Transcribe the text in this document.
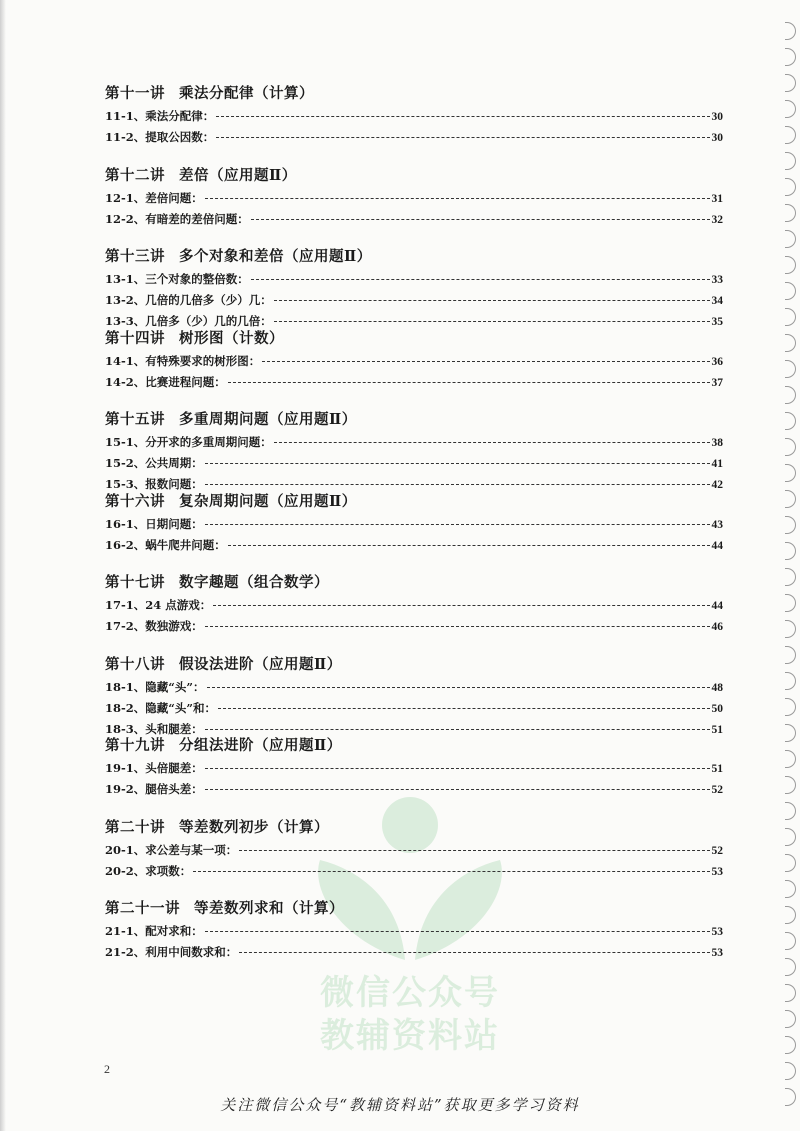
微信公众号
教辅资料站
第十一讲 乘法分配律（计算）
11-1、乘法分配律：	30
11-2、提取公因数：	30
第十二讲 差倍（应用题Ⅱ）
12-1、差倍问题：	31
12-2、有暗差的差倍问题：	32
第十三讲 多个对象和差倍（应用题Ⅱ）
13-1、三个对象的整倍数：	33
13-2、几倍的几倍多（少）几：	34
13-3、几倍多（少）几的几倍：	35
第十四讲 树形图（计数）
14-1、有特殊要求的树形图：	36
14-2、比赛进程问题：	37
第十五讲 多重周期问题（应用题Ⅱ）
15-1、分开求的多重周期问题：	38
15-2、公共周期：	41
15-3、报数问题：	42
第十六讲 复杂周期问题（应用题Ⅱ）
16-1、日期问题：	43
16-2、蜗牛爬井问题：	44
第十七讲 数字趣题（组合数学）
17-1、24 点游戏：	44
17-2、数独游戏：	46
第十八讲 假设法进阶（应用题Ⅱ）
18-1、隐藏“头”：	48
18-2、隐藏“头”和：	50
18-3、头和腿差：	51
第十九讲 分组法进阶（应用题Ⅱ）
19-1、头倍腿差：	51
19-2、腿倍头差：	52
第二十讲 等差数列初步（计算）
20-1、求公差与某一项：	52
20-2、求项数：	53
第二十一讲 等差数列求和（计算）
21-1、配对求和：	53
21-2、利用中间数求和：	53
2
关注微信公众号“教辅资料站”获取更多学习资料
